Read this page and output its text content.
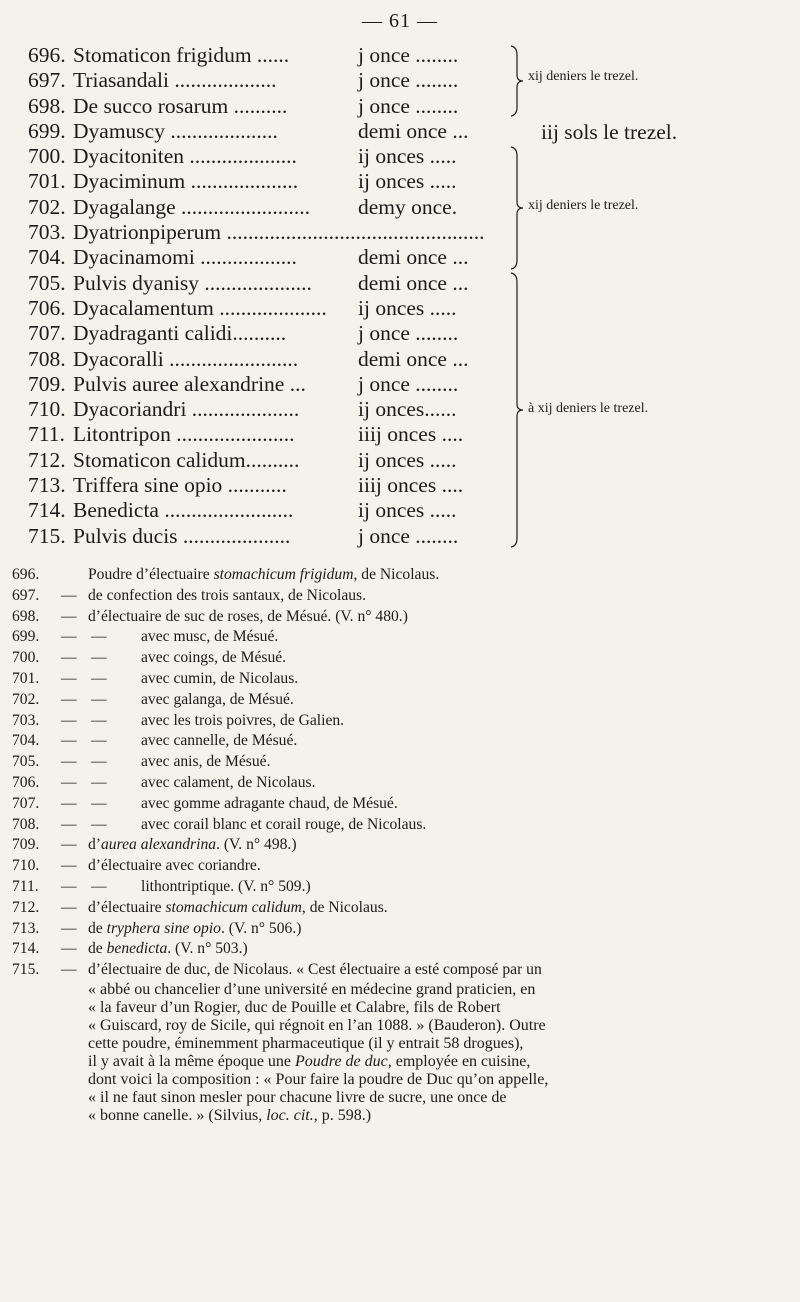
— 61 —
696. Stomaticon frigidum ......	j once ........
697. Triasandali ...................	j once ........
698. De succo rosarum ..........	j once ........
699. Dyamuscy ....................	demi once ...
700. Dyacitoniten ....................	ij onces .....
701. Dyaciminum ....................	ij onces .....
702. Dyagalange ........................ demy once.
703. Dyatrionpiperum ................................................
704. Dyacinamomi ..................	demi once ...
705. Pulvis dyanisy .................... demi once ...
706. Dyacalamentum .................... ij onces .....
707. Dyadraganti calidi..........	j once ........
708. Dyacoralli ........................	demi once ...
709. Pulvis auree alexandrine ... j once ........
710. Dyacoriandri ....................	ij onces......
711. Litontripon ......................	iiij onces ....
712. Stomaticon calidum..........	ij onces .....
713. Triffera sine opio ...........	iiij onces ....
714. Benedicta ........................	ij onces .....
715. Pulvis ducis ....................	j once ........
xij deniers le trezel.
iij sols le trezel.
xij deniers le trezel.
à xij deniers le trezel.
696.	Poudre d’électuaire stomachicum frigidum, de Nicolaus.
697. — de confection des trois santaux, de Nicolaus.
698. — d’électuaire de suc de roses, de Mésué. (V. n° 480.)
699. — — avec musc, de Mésué.
700. — — avec coings, de Mésué.
701. — — avec cumin, de Nicolaus.
702. — — avec galanga, de Mésué.
703. — — avec les trois poivres, de Galien.
704. — — avec cannelle, de Mésué.
705. — — avec anis, de Mésué.
706. — — avec calament, de Nicolaus.
707. — — avec gomme adragante chaud, de Mésué.
708. — — avec corail blanc et corail rouge, de Nicolaus.
709. — d’aurea alexandrina. (V. n° 498.)
710. — d’électuaire avec coriandre.
711. — — lithontriptique. (V. n° 509.)
712. — d’électuaire stomachicum calidum, de Nicolaus.
713. — de tryphera sine opio. (V. n° 506.)
714. — de benedicta. (V. n° 503.)
715. — d’électuaire de duc, de Nicolaus. « Cest électuaire a esté composé par un
« abbé ou chancelier d’une université en médecine grand praticien, en
« la faveur d’un Rogier, duc de Pouille et Calabre, fils de Robert
« Guiscard, roy de Sicile, qui régnoit en l’an 1088. » (Bauderon). Outre
cette poudre, éminemment pharmaceutique (il y entrait 58 drogues),
il y avait à la même époque une Poudre de duc, employée en cuisine,
dont voici la composition : « Pour faire la poudre de Duc qu’on appelle,
« il ne faut sinon mesler pour chacune livre de sucre, une once de
« bonne canelle. » (Silvius, loc. cit., p. 598.)
